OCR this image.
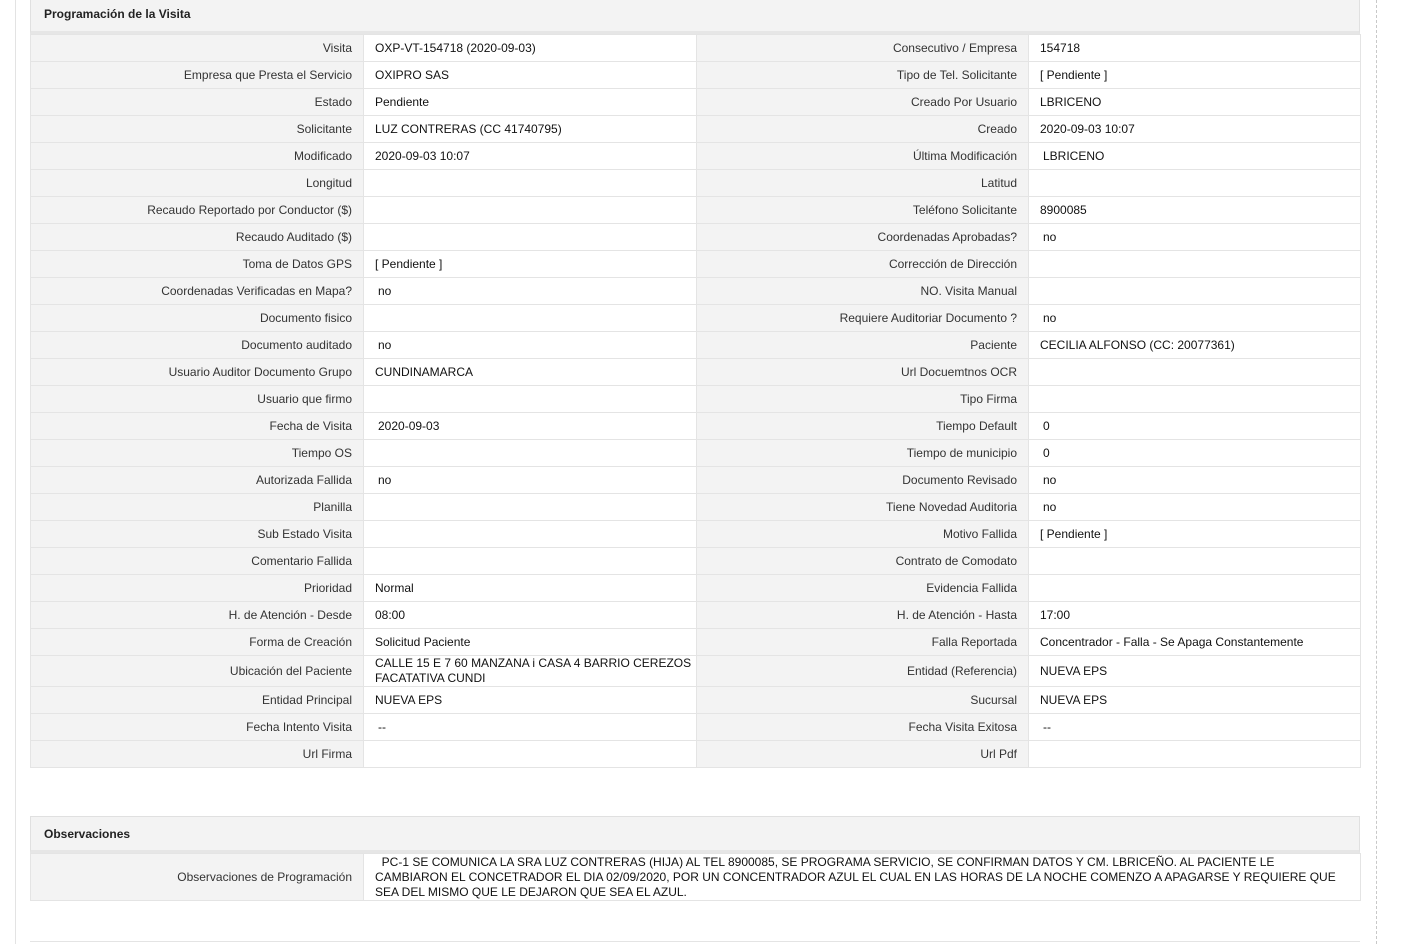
Programación de la Visita
Visita	OXP-VT-154718 (2020-09-03)	Consecutivo / Empresa	154718
Empresa que Presta el Servicio	OXIPRO SAS	Tipo de Tel. Solicitante	[ Pendiente ]
Estado	Pendiente	Creado Por Usuario	LBRICENO
Solicitante	LUZ CONTRERAS (CC 41740795)	Creado	2020-09-03 10:07
Modificado	2020-09-03 10:07	Última Modificación	LBRICENO
Longitud		Latitud	
Recaudo Reportado por Conductor ($)		Teléfono Solicitante	8900085
Recaudo Auditado ($)		Coordenadas Aprobadas?	no
Toma de Datos GPS	[ Pendiente ]	Corrección de Dirección	
Coordenadas Verificadas en Mapa?	no	NO. Visita Manual	
Documento fisico		Requiere Auditoriar Documento ?	no
Documento auditado	no	Paciente	CECILIA ALFONSO (CC: 20077361)
Usuario Auditor Documento Grupo	CUNDINAMARCA	Url Docuemtnos OCR	
Usuario que firmo		Tipo Firma	
Fecha de Visita	2020-09-03	Tiempo Default	0
Tiempo OS		Tiempo de municipio	0
Autorizada Fallida	no	Documento Revisado	no
Planilla		Tiene Novedad Auditoria	no
Sub Estado Visita		Motivo Fallida	[ Pendiente ]
Comentario Fallida		Contrato de Comodato	
Prioridad	Normal	Evidencia Fallida	
H. de Atención - Desde	08:00	H. de Atención - Hasta	17:00
Forma de Creación	Solicitud Paciente	Falla Reportada	Concentrador - Falla - Se Apaga Constantemente
Ubicación del Paciente	CALLE 15 E 7 60 MANZANA i CASA 4 BARRIO CEREZOS FACATATIVA CUNDI	Entidad (Referencia)	NUEVA EPS
Entidad Principal	NUEVA EPS	Sucursal	NUEVA EPS
Fecha Intento Visita	--	Fecha Visita Exitosa	--
Url Firma		Url Pdf	
Observaciones
Observaciones de Programación	PC-1 SE COMUNICA LA SRA LUZ CONTRERAS (HIJA) AL TEL 8900085, SE PROGRAMA SERVICIO, SE CONFIRMAN DATOS Y CM. LBRICEÑO. AL PACIENTE LE CAMBIARON EL CONCETRADOR EL DIA 02/09/2020, POR UN CONCENTRADOR AZUL EL CUAL EN LAS HORAS DE LA NOCHE COMENZO A APAGARSE Y REQUIERE QUE SEA DEL MISMO QUE LE DEJARON QUE SEA EL AZUL.
